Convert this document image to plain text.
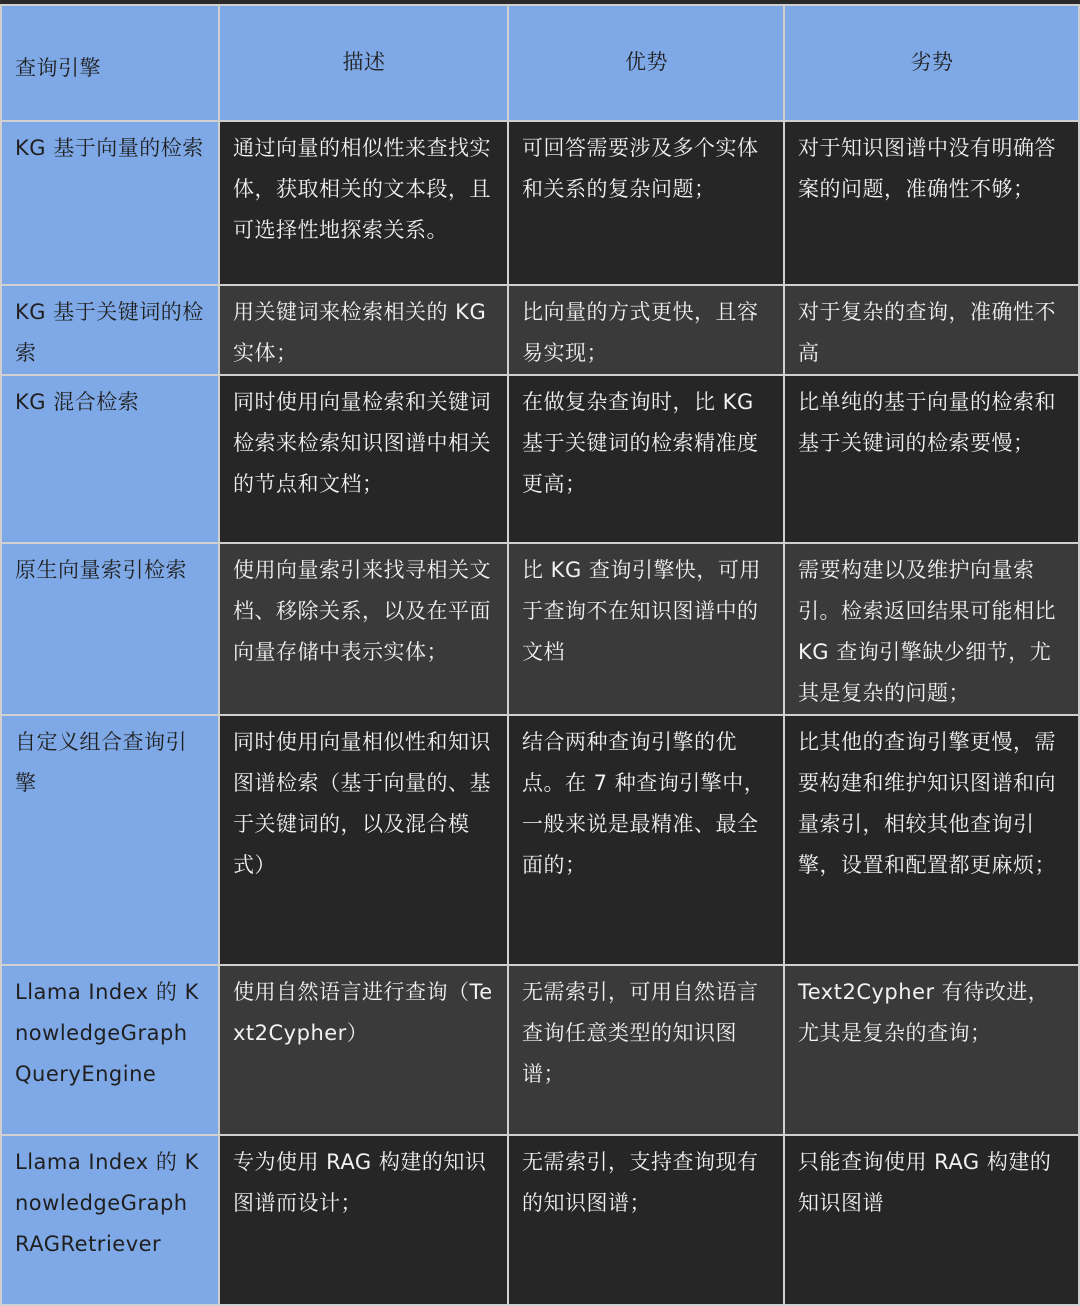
查询引擎	描述	优势	劣势
KG 基于向量的检索	通过向量的相似性来查找实体，获取相关的文本段，且可选择性地探索关系。	可回答需要涉及多个实体和关系的复杂问题；	对于知识图谱中没有明确答案的问题，准确性不够；
KG 基于关键词的检索	用关键词来检索相关的 KG 实体；	比向量的方式更快，且容易实现；	对于复杂的查询，准确性不高
KG 混合检索	同时使用向量检索和关键词检索来检索知识图谱中相关的节点和文档；	在做复杂查询时，比 KG 基于关键词的检索精准度更高；	比单纯的基于向量的检索和基于关键词的检索要慢；
原生向量索引检索	使用向量索引来找寻相关文档、移除关系，以及在平面向量存储中表示实体；	比 KG 查询引擎快，可用于查询不在知识图谱中的文档	需要构建以及维护向量索引。检索返回结果可能相比 KG 查询引擎缺少细节，尤其是复杂的问题；
自定义组合查询引擎	同时使用向量相似性和知识图谱检索（基于向量的、基于关键词的，以及混合模式）	结合两种查询引擎的优点。在 7 种查询引擎中，一般来说是最精准、最全面的；	比其他的查询引擎更慢，需要构建和维护知识图谱和向量索引，相较其他查询引擎，设置和配置都更麻烦；
Llama Index 的 KnowledgeGraph QueryEngine	使用自然语言进行查询（Text2Cypher）	无需索引，可用自然语言查询任意类型的知识图谱；	Text2Cypher 有待改进，尤其是复杂的查询；
Llama Index 的 KnowledgeGraph RAGRetriever	专为使用 RAG 构建的知识图谱而设计；	无需索引，支持查询现有的知识图谱；	只能查询使用 RAG 构建的知识图谱
